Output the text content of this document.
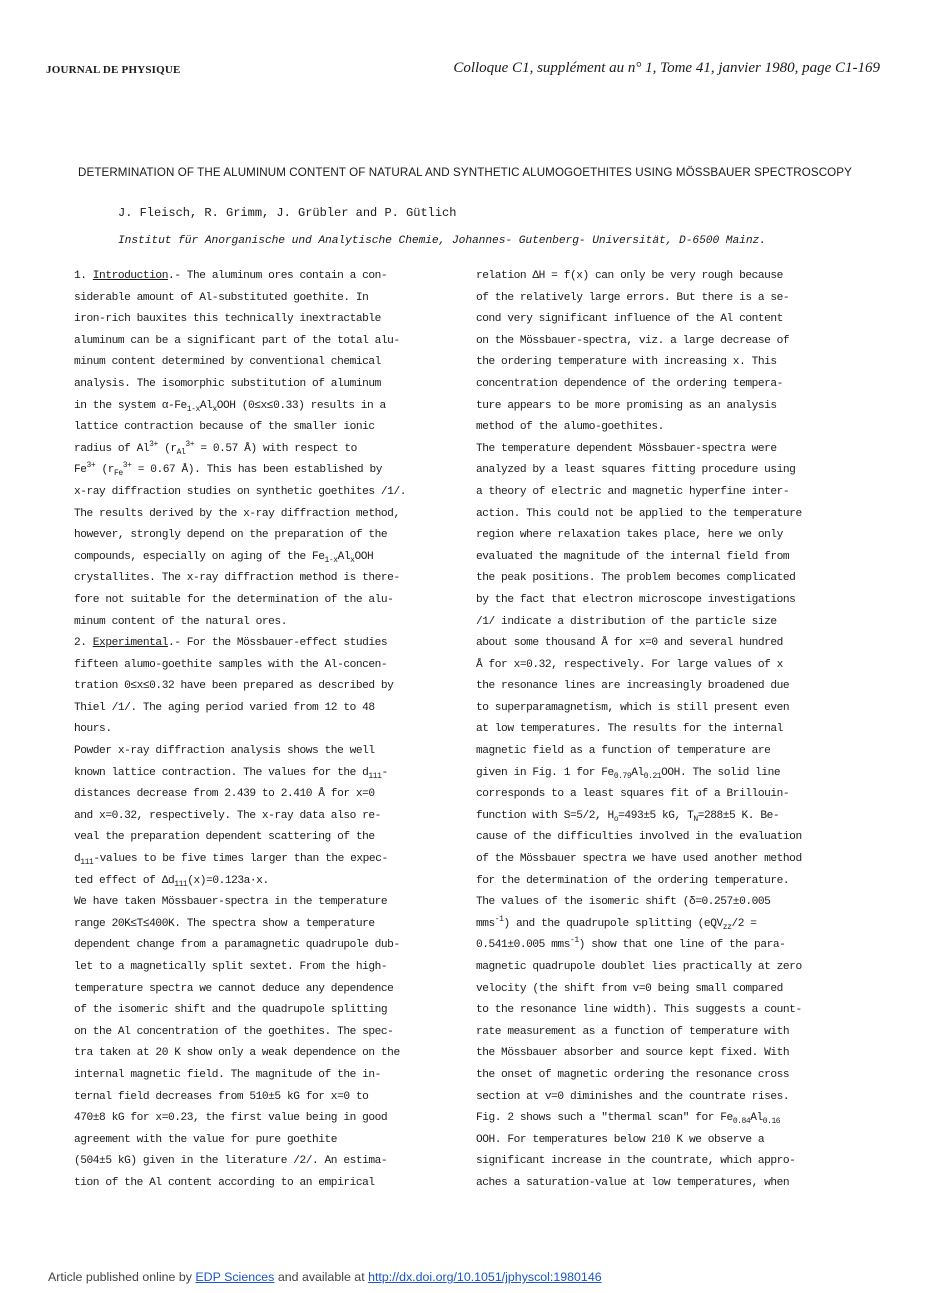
JOURNAL DE PHYSIQUE	Colloque C1, supplément au n° 1, Tome 41, janvier 1980, page C1-169
DETERMINATION OF THE ALUMINUM CONTENT OF NATURAL AND SYNTHETIC ALUMOGOETHITES USING MÖSSBAUER SPECTROSCOPY
J. Fleisch, R. Grimm, J. Grübler and P. Gütlich
Institut für Anorganische und Analytische Chemie, Johannes- Gutenberg- Universität, D-6500 Mainz.
1. Introduction.- The aluminum ores contain a con-
siderable amount of Al-substituted goethite. In
iron-rich bauxites this technically inextractable
aluminum can be a significant part of the total alu-
minum content determined by conventional chemical
analysis. The isomorphic substitution of aluminum
in the system $\alpha-Fe_{1-x}Al_xOOH$ (0≤x≤0.33) results in a
lattice contraction because of the smaller ionic
radius of $Al^{3+}$ ($r_{Al}^{3+} = 0.57$ Å) with respect to
$Fe^{3+}$ ($r_{Fe}^{3+} = 0.67$ Å). This has been established by
x-ray diffraction studies on synthetic goethites /1/.
The results derived by the x-ray diffraction method,
however, strongly depend on the preparation of the
compounds, especially on aging of the $Fe_{1-x}Al_xOOH$
crystallites. The x-ray diffraction method is there-
fore not suitable for the determination of the alu-
minum content of the natural ores.
2. Experimental.- For the Mössbauer-effect studies
fifteen alumo-goethite samples with the Al-concen-
tration 0≤x≤0.32 have been prepared as described by
Thiel /1/. The aging period varied from 12 to 48
hours.
Powder x-ray diffraction analysis shows the well
known lattice contraction. The values for the $d_{111}-$
distances decrease from 2.439 to 2.410 Å for x=0
and x=0.32, respectively. The x-ray data also re-
veal the preparation dependent scattering of the
$d_{111}$-values to be five times larger than the expec-
ted effect of $\Delta d_{111}(x)=0.123a\cdot x$.
We have taken Mössbauer-spectra in the temperature
range 20K≤T≤400K. The spectra show a temperature
dependent change from a paramagnetic quadrupole dub-
let to a magnetically split sextet. From the high-
temperature spectra we cannot deduce any dependence
of the isomeric shift and the quadrupole splitting
on the Al concentration of the goethites. The spec-
tra taken at 20 K show only a weak dependence on the
internal magnetic field. The magnitude of the in-
ternal field decreases from 510±5 kG for x=0 to
470±8 kG for x=0.23, the first value being in good
agreement with the value for pure goethite
(504±5 kG) given in the literature /2/. An estima-
tion of the Al content according to an empirical
relation ΔH = f(x) can only be very rough because
of the relatively large errors. But there is a se-
cond very significant influence of the Al content
on the Mössbauer-spectra, viz. a large decrease of
the ordering temperature with increasing x. This
concentration dependence of the ordering tempera-
ture appears to be more promising as an analysis
method of the alumo-goethites.
The temperature dependent Mössbauer-spectra were
analyzed by a least squares fitting procedure using
a theory of electric and magnetic hyperfine inter-
action. This could not be applied to the temperature
region where relaxation takes place, here we only
evaluated the magnitude of the internal field from
the peak positions. The problem becomes complicated
by the fact that electron microscope investigations
/1/ indicate a distribution of the particle size
about some thousand Å for x=0 and several hundred
Å for x=0.32, respectively. For large values of x
the resonance lines are increasingly broadened due
to superparamagnetism, which is still present even
at low temperatures. The results for the internal
magnetic field as a function of temperature are
given in Fig. 1 for $Fe_{0.79}Al_{0.21}OOH$. The solid line
corresponds to a least squares fit of a Brillouin-
function with S=5/2, $H_o=493\pm 5$ kG, $T_N=288\pm 5$ K. Be-
cause of the difficulties involved in the evaluation
of the Mössbauer spectra we have used another method
for the determination of the ordering temperature.
The values of the isomeric shift (δ=0.257±0.005
mms$^{-1}$) and the quadrupole splitting (eQV$_{zz}$/2 =
0.541±0.005 mms$^{-1}$) show that one line of the para-
magnetic quadrupole doublet lies practically at zero
velocity (the shift from v=0 being small compared
to the resonance line width). This suggests a count-
rate measurement as a function of temperature with
the Mössbauer absorber and source kept fixed. With
the onset of magnetic ordering the resonance cross
section at v=0 diminishes and the countrate rises.
Fig. 2 shows such a "thermal scan" for $Fe_{0.84}Al_{0.16}$
OOH. For temperatures below 210 K we observe a
significant increase in the countrate, which appro-
aches a saturation-value at low temperatures, when
Article published online by EDP Sciences and available at http://dx.doi.org/10.1051/jphyscol:1980146
